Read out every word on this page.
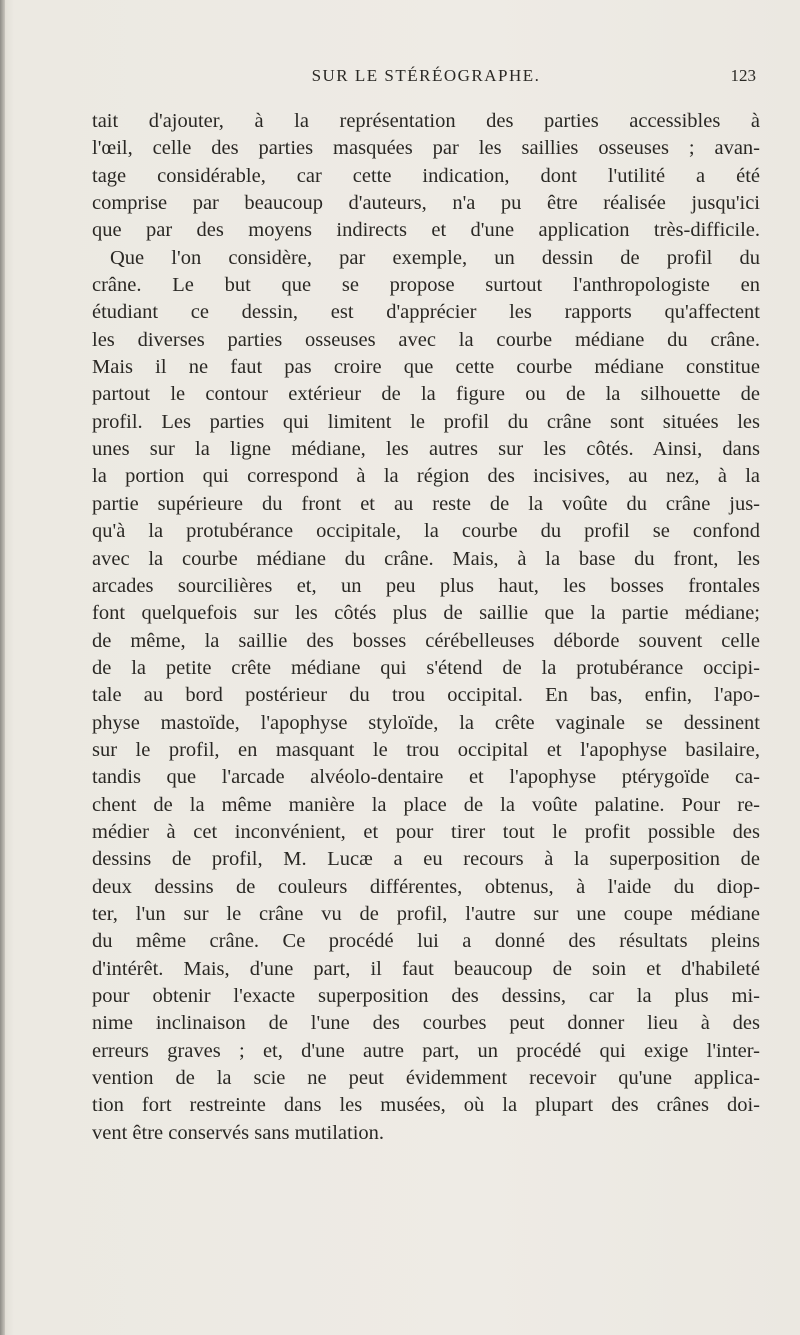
SUR LE STÉRÉOGRAPHE.	123
tait d'ajouter, à la représentation des parties accessibles à
l'œil, celle des parties masquées par les saillies osseuses ; avan-
tage considérable, car cette indication, dont l'utilité a été
comprise par beaucoup d'auteurs, n'a pu être réalisée jusqu'ici
que par des moyens indirects et d'une application très-difficile.
Que l'on considère, par exemple, un dessin de profil du
crâne. Le but que se propose surtout l'anthropologiste en
étudiant ce dessin, est d'apprécier les rapports qu'affectent
les diverses parties osseuses avec la courbe médiane du crâne.
Mais il ne faut pas croire que cette courbe médiane constitue
partout le contour extérieur de la figure ou de la silhouette de
profil. Les parties qui limitent le profil du crâne sont situées les
unes sur la ligne médiane, les autres sur les côtés. Ainsi, dans
la portion qui correspond à la région des incisives, au nez, à la
partie supérieure du front et au reste de la voûte du crâne jus-
qu'à la protubérance occipitale, la courbe du profil se confond
avec la courbe médiane du crâne. Mais, à la base du front, les
arcades sourcilières et, un peu plus haut, les bosses frontales
font quelquefois sur les côtés plus de saillie que la partie médiane;
de même, la saillie des bosses cérébelleuses déborde souvent celle
de la petite crête médiane qui s'étend de la protubérance occipi-
tale au bord postérieur du trou occipital. En bas, enfin, l'apo-
physe mastoïde, l'apophyse styloïde, la crête vaginale se dessinent
sur le profil, en masquant le trou occipital et l'apophyse basilaire,
tandis que l'arcade alvéolo-dentaire et l'apophyse ptérygoïde ca-
chent de la même manière la place de la voûte palatine. Pour re-
médier à cet inconvénient, et pour tirer tout le profit possible des
dessins de profil, M. Lucæ a eu recours à la superposition de
deux dessins de couleurs différentes, obtenus, à l'aide du diop-
ter, l'un sur le crâne vu de profil, l'autre sur une coupe médiane
du même crâne. Ce procédé lui a donné des résultats pleins
d'intérêt. Mais, d'une part, il faut beaucoup de soin et d'habileté
pour obtenir l'exacte superposition des dessins, car la plus mi-
nime inclinaison de l'une des courbes peut donner lieu à des
erreurs graves ; et, d'une autre part, un procédé qui exige l'inter-
vention de la scie ne peut évidemment recevoir qu'une applica-
tion fort restreinte dans les musées, où la plupart des crânes doi-
vent être conservés sans mutilation.
